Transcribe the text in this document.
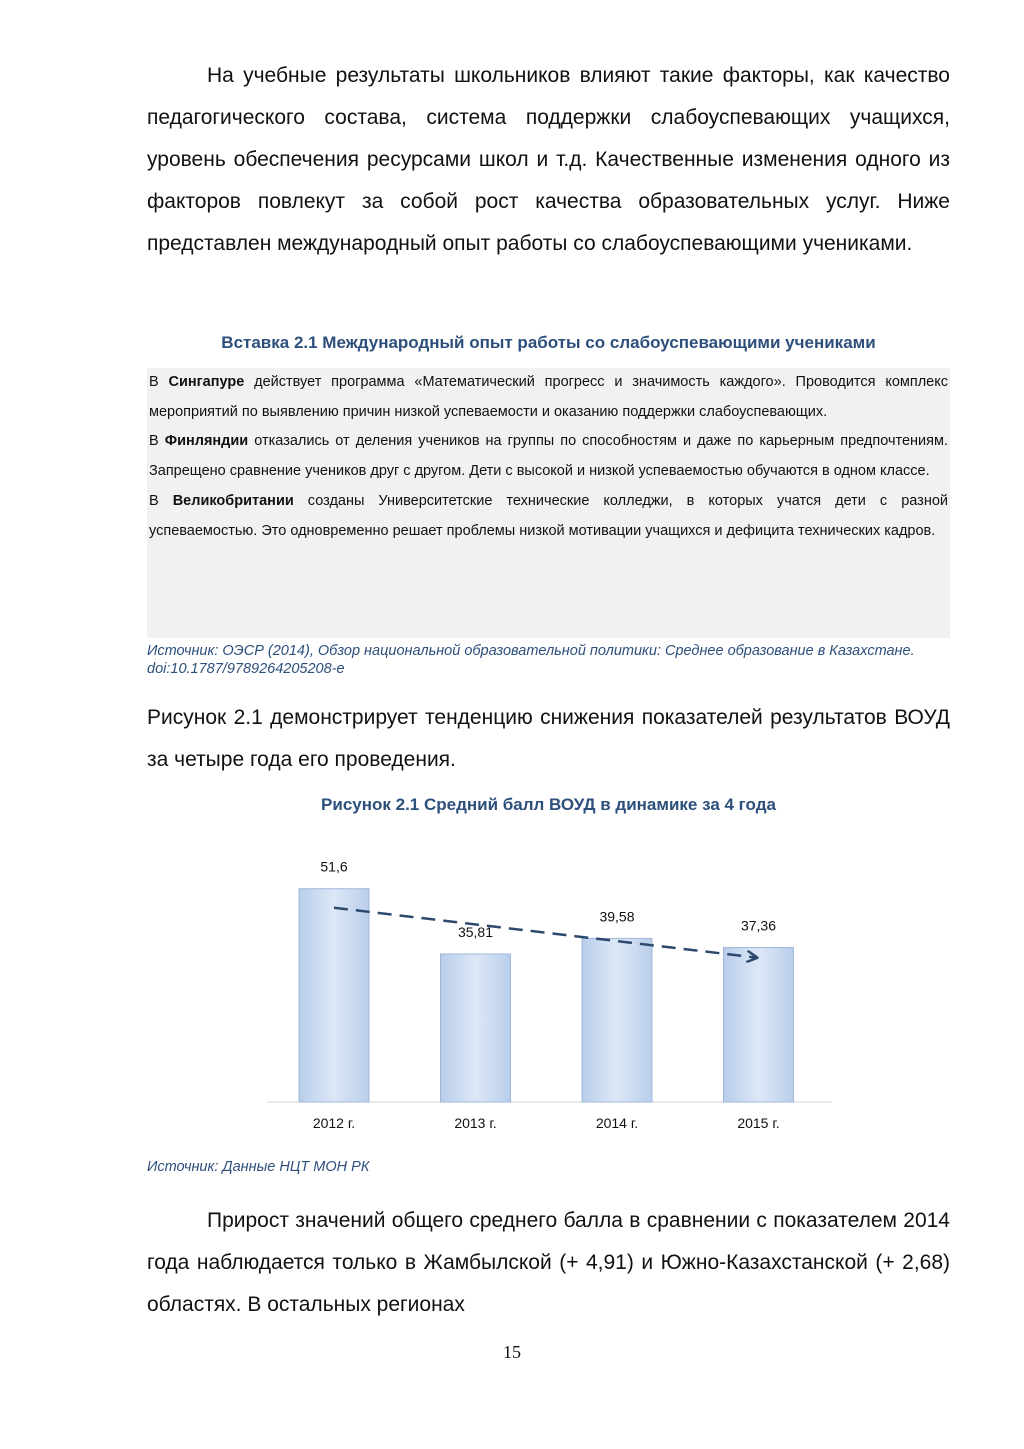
На учебные результаты школьников влияют такие факторы, как качество педагогического состава, система поддержки слабоуспевающих учащихся, уровень обеспечения ресурсами школ и т.д. Качественные изменения одного из факторов повлекут за собой рост качества образовательных услуг. Ниже представлен международный опыт работы со слабоуспевающими учениками.

Вставка 2.1 Международный опыт работы со слабоуспевающими учениками

В Сингапуре действует программа «Математический прогресс и значимость каждого». Проводится комплекс мероприятий по выявлению причин низкой успеваемости и оказанию поддержки слабоуспевающих.

В Финляндии отказались от деления учеников на группы по способностям и даже по карьерным предпочтениям. Запрещено сравнение учеников друг с другом. Дети с высокой и низкой успеваемостью обучаются в одном классе.

В Великобритании созданы Университетские технические колледжи, в которых учатся дети с разной успеваемостью. Это одновременно решает проблемы низкой мотивации учащихся и дефицита технических кадров.

Источник: ОЭСР (2014), Обзор национальной образовательной политики: Среднее образование в Казахстане. doi:10.1787/9789264205208-e

Рисунок 2.1 демонстрирует тенденцию снижения показателей результатов ВОУД за четыре года его проведения.

Рисунок 2.1 Средний балл ВОУД в динамике за 4 года

51,6
35,81
39,58
37,36
2012 г.	2013 г.	2014 г.	2015 г.

Источник: Данные НЦТ МОН РК

Прирост значений общего среднего балла в сравнении с показателем 2014 года наблюдается только в Жамбылской (+ 4,91) и Южно-Казахстанской (+ 2,68) областях. В остальных регионах

15
